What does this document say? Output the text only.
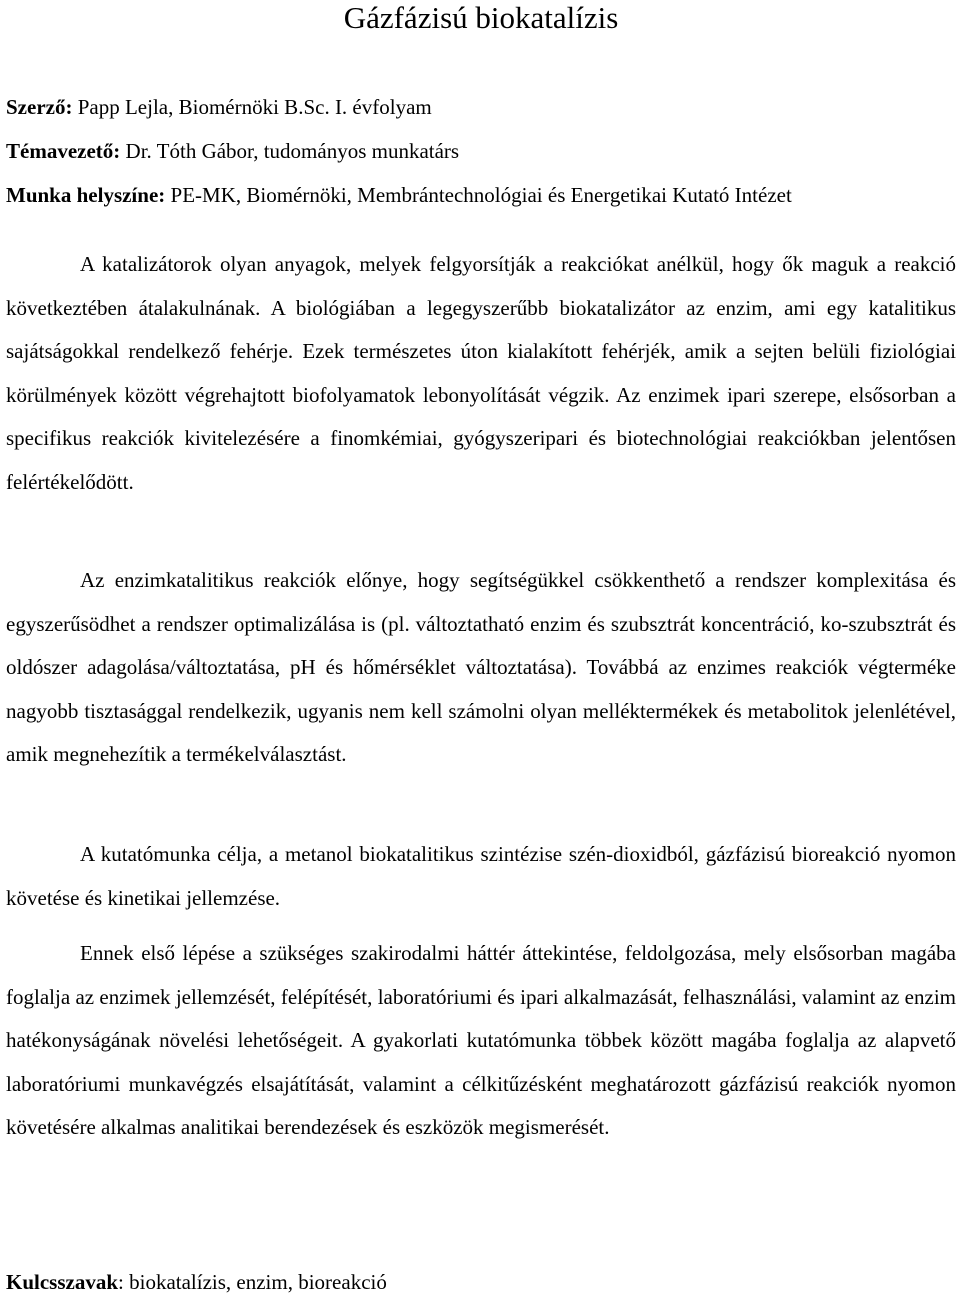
Gázfázisú biokatalízis
Szerző: Papp Lejla, Biomérnöki B.Sc. I. évfolyam
Témavezető: Dr. Tóth Gábor, tudományos munkatárs
Munka helyszíne: PE-MK, Biomérnöki, Membrántechnológiai és Energetikai Kutató Intézet

A katalizátorok olyan anyagok, melyek felgyorsítják a reakciókat anélkül, hogy ők maguk a reakció következtében átalakulnának. A biológiában a legegyszerűbb biokatalizátor az enzim, ami egy katalitikus sajátságokkal rendelkező fehérje. Ezek természetes úton kialakított fehérjék, amik a sejten belüli fiziológiai körülmények között végrehajtott biofolyamatok lebonyolítását végzik. Az enzimek ipari szerepe, elsősorban a specifikus reakciók kivitelezésére a finomkémiai, gyógyszeripari és biotechnológiai reakciókban jelentősen felértékelődött.

Az enzimkatalitikus reakciók előnye, hogy segítségükkel csökkenthető a rendszer komplexitása és egyszerűsödhet a rendszer optimalizálása is (pl. változtatható enzim és szubsztrát koncentráció, ko-szubsztrát és oldószer adagolása/változtatása, pH és hőmérséklet változtatása). Továbbá az enzimes reakciók végterméke nagyobb tisztasággal rendelkezik, ugyanis nem kell számolni olyan melléktermékek és metabolitok jelenlétével, amik megnehezítik a termékelválasztást.

A kutatómunka célja, a metanol biokatalitikus szintézise szén-dioxidból, gázfázisú bioreakció nyomon követése és kinetikai jellemzése.

Ennek első lépése a szükséges szakirodalmi háttér áttekintése, feldolgozása, mely elsősorban magába foglalja az enzimek jellemzését, felépítését, laboratóriumi és ipari alkalmazását, felhasználási, valamint az enzim hatékonyságának növelési lehetőségeit. A gyakorlati kutatómunka többek között magába foglalja az alapvető laboratóriumi munkavégzés elsajátítását, valamint a célkitűzésként meghatározott gázfázisú reakciók nyomon követésére alkalmas analitikai berendezések és eszközök megismerését.

Kulcsszavak: biokatalízis, enzim, bioreakció
